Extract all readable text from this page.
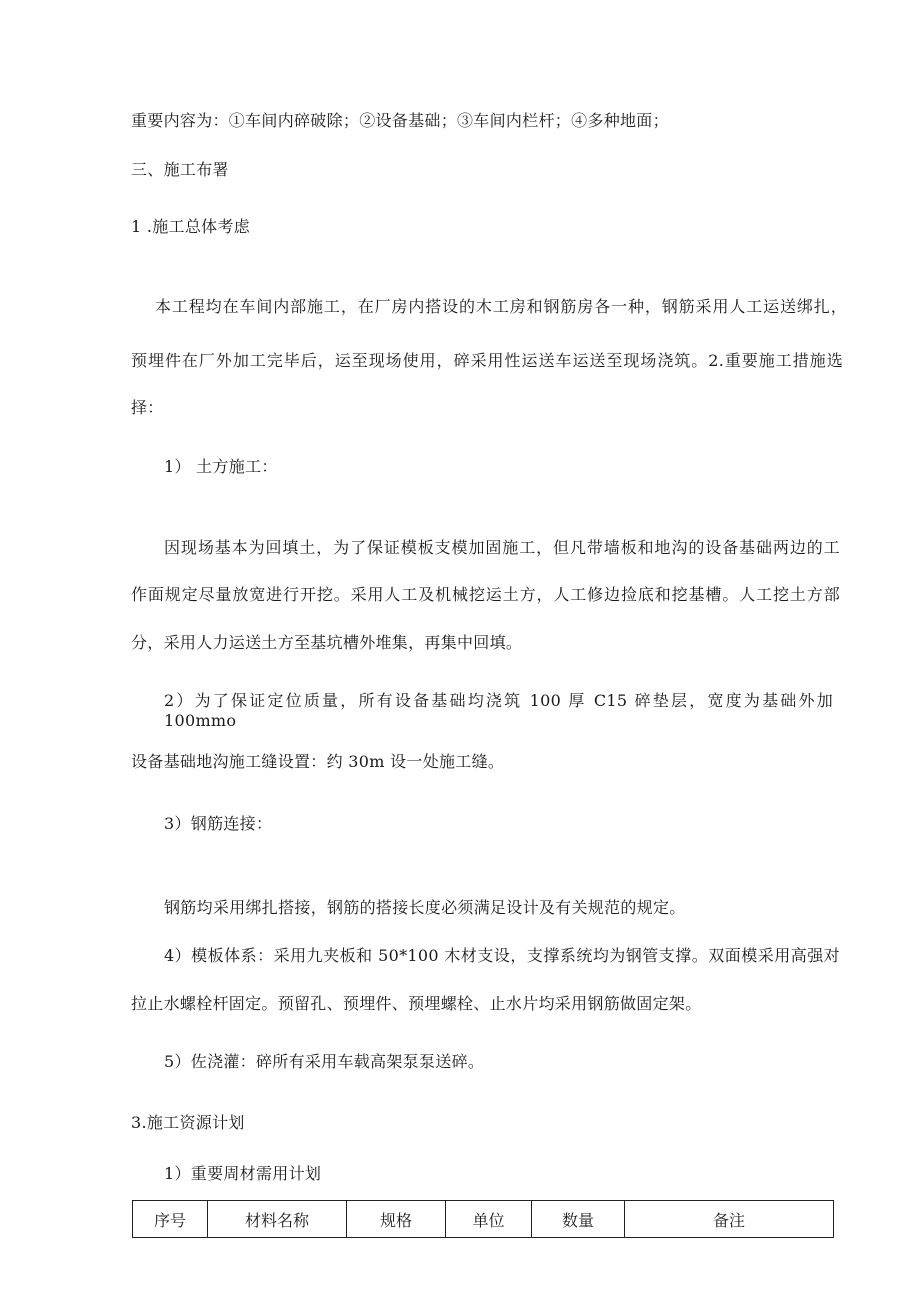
重要内容为：①车间内碎破除；②设备基础；③车间内栏杆；④多种地面；
三、施工布署
1 .施工总体考虑
本工程均在车间内部施工，在厂房内搭设的木工房和钢筋房各一种，钢筋采用人工运送绑扎，
预埋件在厂外加工完毕后，运至现场使用，碎采用性运送车运送至现场浇筑。2.重要施工措施选
择：
1） 土方施工：
因现场基本为回填土，为了保证模板支模加固施工，但凡带墙板和地沟的设备基础两边的工
作面规定尽量放宽进行开挖。采用人工及机械挖运土方，人工修边捡底和挖基槽。人工挖土方部
分，采用人力运送土方至基坑槽外堆集，再集中回填。
2）为了保证定位质量，所有设备基础均浇筑 100 厚 C15 碎垫层，宽度为基础外加 100mmo
设备基础地沟施工缝设置：约 30m 设一处施工缝。
3）钢筋连接：
钢筋均采用绑扎搭接，钢筋的搭接长度必须满足设计及有关规范的规定。
4）模板体系：采用九夹板和 50*100 木材支设，支撑系统均为钢管支撑。双面模采用高强对
拉止水螺栓杆固定。预留孔、预埋件、预埋螺栓、止水片均采用钢筋做固定架。
5）佐浇灌：碎所有采用车载高架泵泵送碎。
3.施工资源计划
1）重要周材需用计划
序号	材料名称	规格	单位	数量	备注
